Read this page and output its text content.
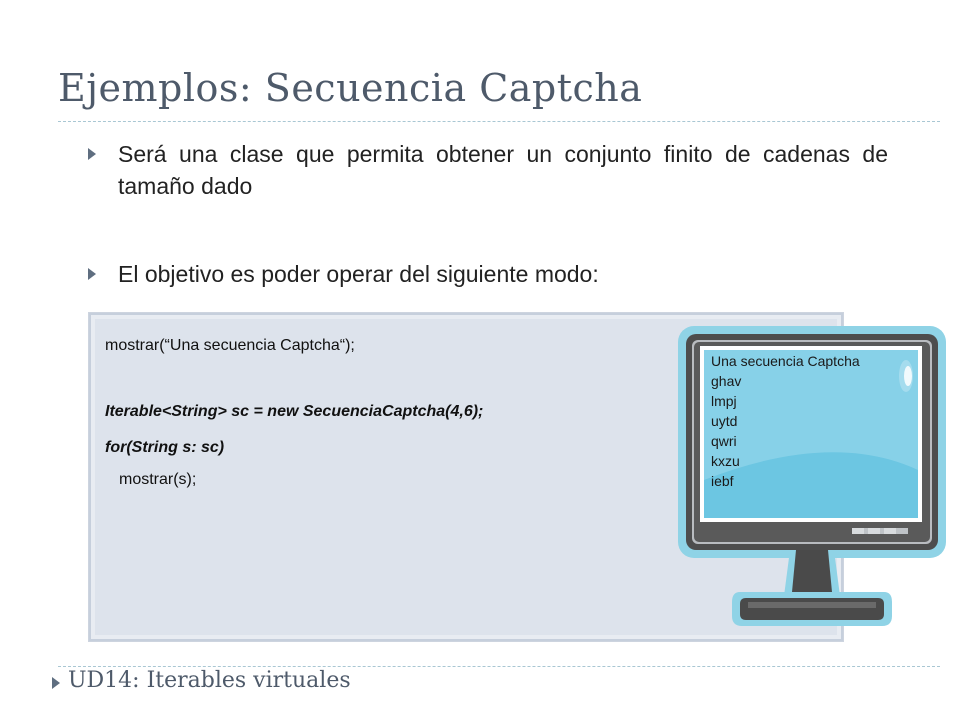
Ejemplos: Secuencia Captcha
Será una clase que permita obtener un conjunto finito de cadenas de tamaño dado
El objetivo es poder operar del siguiente modo:
mostrar(“Una secuencia Captcha“);
Iterable<String> sc = new SecuenciaCaptcha(4,6);
for(String s: sc)
mostrar(s);
Una secuencia Captcha
ghav
lmpj
uytd
qwri
kxzu
iebf
UD14: Iterables virtuales
